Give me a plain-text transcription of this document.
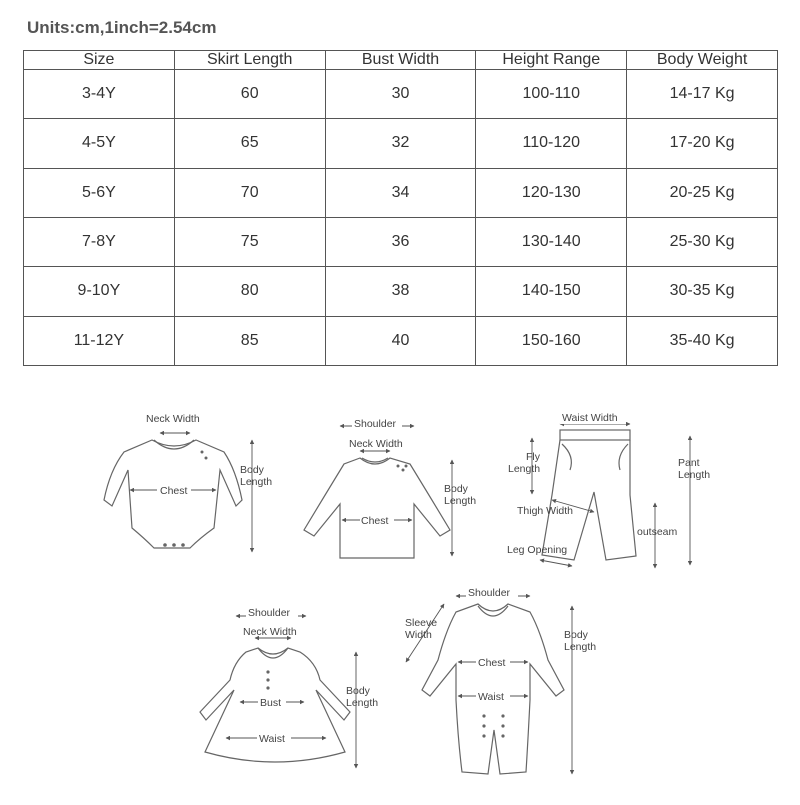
Units:cm,1inch=2.54cm
Size	Skirt Length	Bust Width	Height Range	Body Weight
3-4Y	60	30	100-110	14-17 Kg
4-5Y	65	32	110-120	17-20 Kg
5-6Y	70	34	120-130	20-25 Kg
7-8Y	75	36	130-140	25-30 Kg
9-10Y	80	38	140-150	30-35 Kg
11-12Y	85	40	150-160	35-40 Kg
Neck Width
Chest
Body
Length
Shoulder
Neck Width
Chest
Body
Length
Waist Width
Fly
Length	Pant
Length
Thigh Width
outseam
Leg Opening
Shoulder
Neck Width
Bust
Waist
Body
Length
Shoulder
Sleeve
Width
Chest
Waist
Body
Length
